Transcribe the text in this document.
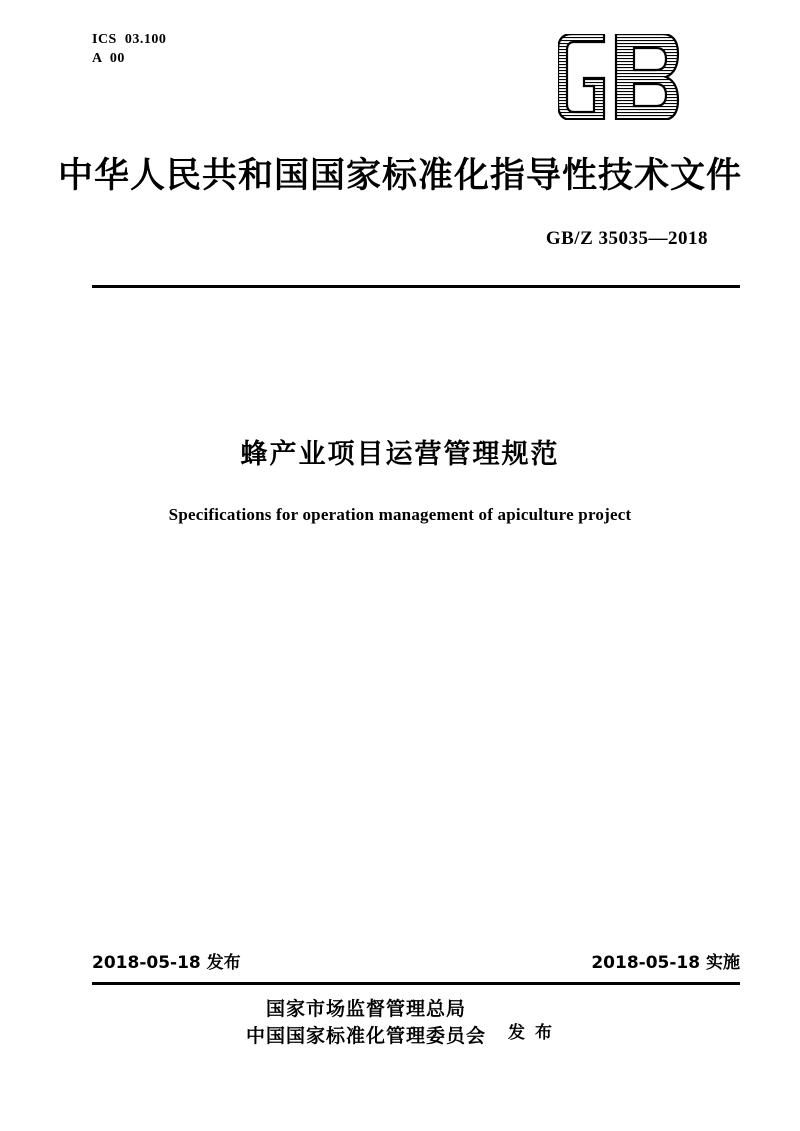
ICS  03.100
A  00
中华人民共和国国家标准化指导性技术文件
GB/Z 35035—2018
蜂产业项目运营管理规范
Specifications for operation management of apiculture project
2018-05-18 发布	2018-05-18 实施
国家市场监督管理总局
中国国家标准化管理委员会 发 布
